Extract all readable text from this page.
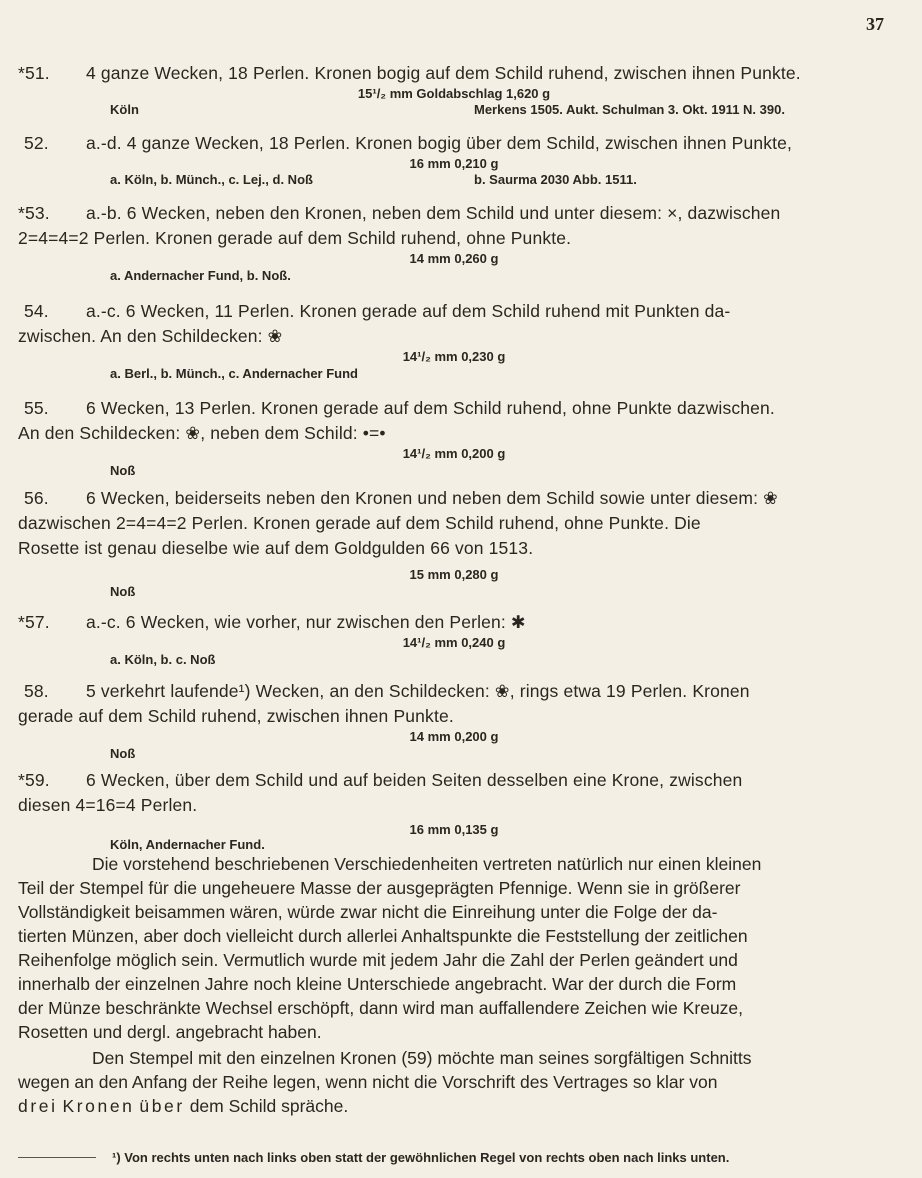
37
*51. 4 ganze Wecken, 18 Perlen. Kronen bogig auf dem Schild ruhend, zwischen ihnen Punkte.
15¹/₂ mm Goldabschlag 1,620 g
Köln	Merkens 1505. Aukt. Schulman 3. Okt. 1911 N. 390.
52. a.-d. 4 ganze Wecken, 18 Perlen. Kronen bogig über dem Schild, zwischen ihnen Punkte,
16 mm 0,210 g
a. Köln, b. Münch., c. Lej., d. Noß	b. Saurma 2030 Abb. 1511.
*53. a.-b. 6 Wecken, neben den Kronen, neben dem Schild und unter diesem: ×, dazwischen
2=4=4=2 Perlen. Kronen gerade auf dem Schild ruhend, ohne Punkte.
14 mm 0,260 g
a. Andernacher Fund, b. Noß.
54. a.-c. 6 Wecken, 11 Perlen. Kronen gerade auf dem Schild ruhend mit Punkten da-
zwischen. An den Schildecken: ❀
14¹/₂ mm 0,230 g
a. Berl., b. Münch., c. Andernacher Fund
55. 6 Wecken, 13 Perlen. Kronen gerade auf dem Schild ruhend, ohne Punkte dazwischen.
An den Schildecken: ❀, neben dem Schild: •=•
14¹/₂ mm 0,200 g
Noß
56. 6 Wecken, beiderseits neben den Kronen und neben dem Schild sowie unter diesem: ❀
dazwischen 2=4=4=2 Perlen. Kronen gerade auf dem Schild ruhend, ohne Punkte. Die
Rosette ist genau dieselbe wie auf dem Goldgulden 66 von 1513.
15 mm 0,280 g
Noß
*57. a.-c. 6 Wecken, wie vorher, nur zwischen den Perlen: ✱
14¹/₂ mm 0,240 g
a. Köln, b. c. Noß
58. 5 verkehrt laufende¹) Wecken, an den Schildecken: ❀, rings etwa 19 Perlen. Kronen
gerade auf dem Schild ruhend, zwischen ihnen Punkte.
14 mm 0,200 g
Noß
*59. 6 Wecken, über dem Schild und auf beiden Seiten desselben eine Krone, zwischen
diesen 4=16=4 Perlen.
16 mm 0,135 g
Köln, Andernacher Fund.
Die vorstehend beschriebenen Verschiedenheiten vertreten natürlich nur einen kleinen
Teil der Stempel für die ungeheuere Masse der ausgeprägten Pfennige. Wenn sie in größerer
Vollständigkeit beisammen wären, würde zwar nicht die Einreihung unter die Folge der da-
tierten Münzen, aber doch vielleicht durch allerlei Anhaltspunkte die Feststellung der zeitlichen
Reihenfolge möglich sein. Vermutlich wurde mit jedem Jahr die Zahl der Perlen geändert und
innerhalb der einzelnen Jahre noch kleine Unterschiede angebracht. War der durch die Form
der Münze beschränkte Wechsel erschöpft, dann wird man auffallendere Zeichen wie Kreuze,
Rosetten und dergl. angebracht haben.
Den Stempel mit den einzelnen Kronen (59) möchte man seines sorgfältigen Schnitts
wegen an den Anfang der Reihe legen, wenn nicht die Vorschrift des Vertrages so klar von
drei Kronen über dem Schild spräche.
¹) Von rechts unten nach links oben statt der gewöhnlichen Regel von rechts oben nach links unten.
